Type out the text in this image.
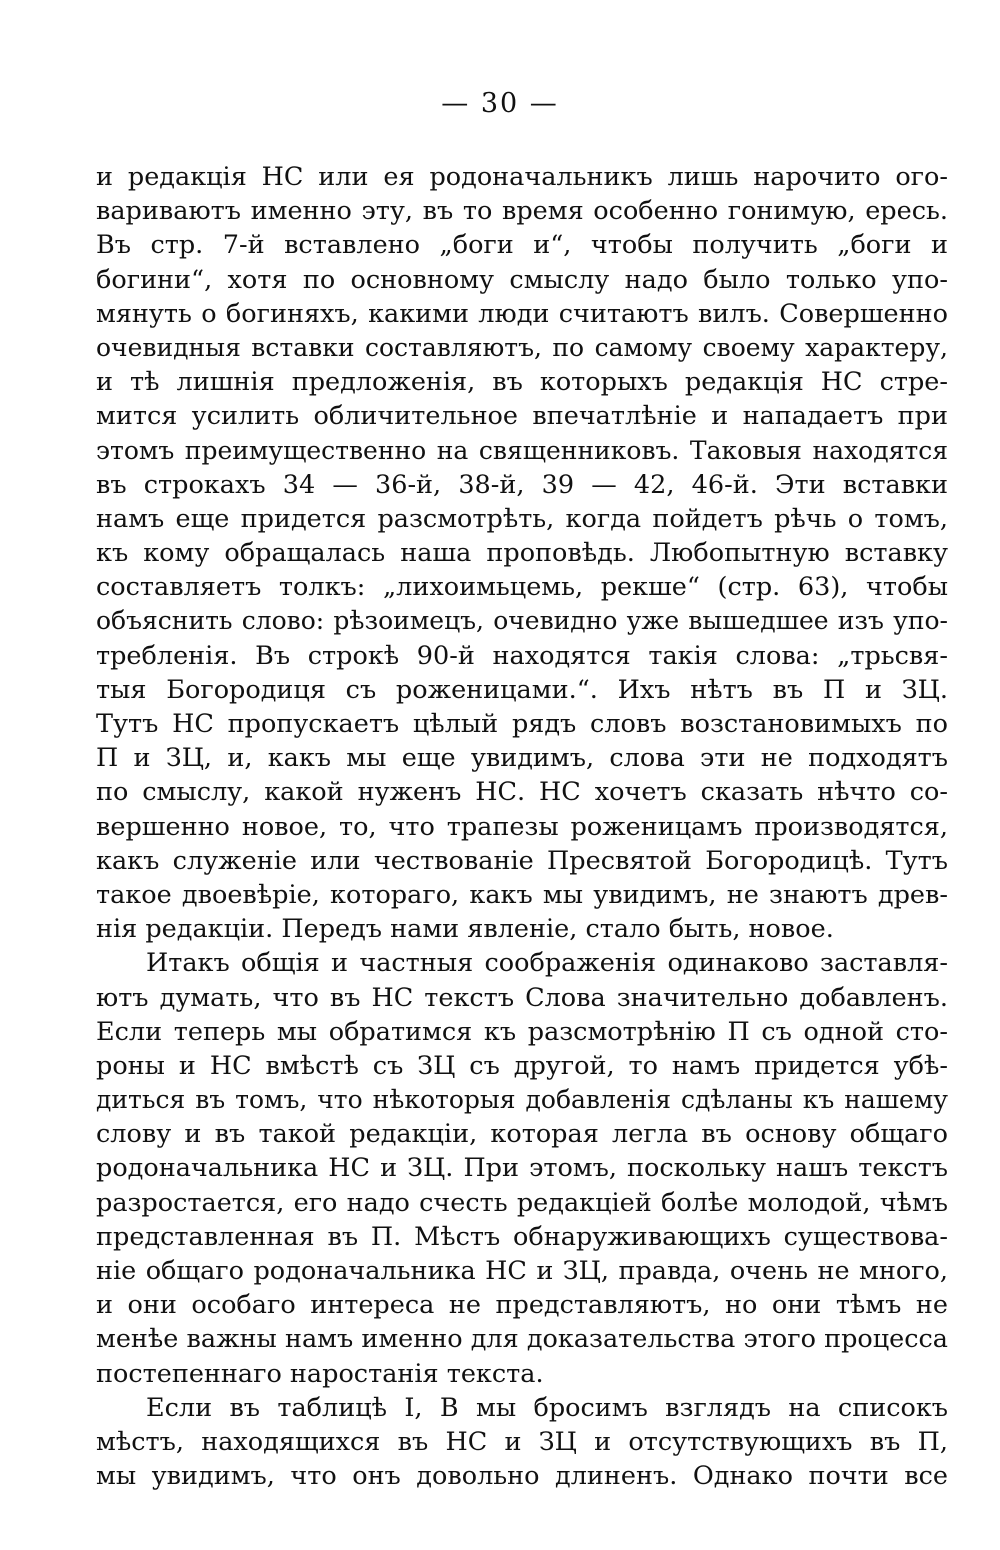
— 30 —
и редакція НС или ея родоначальникъ лишь нарочито ого-
вариваютъ именно эту, въ то время особенно гонимую, ересь.
Въ стр. 7-й вставлено „боги и“, чтобы получить „боги и
богини“, хотя по основному смыслу надо было только упо-
мянуть о богиняхъ, какими люди считаютъ вилъ. Совершенно
очевидныя вставки составляютъ, по самому своему характеру,
и тѣ лишнія предложенія, въ которыхъ редакція НС стре-
мится усилить обличительное впечатлѣніе и нападаетъ при
этомъ преимущественно на священниковъ. Таковыя находятся
въ строкахъ 34 — 36-й, 38-й, 39 — 42, 46-й. Эти вставки
намъ еще придется разсмотрѣть, когда пойдетъ рѣчь о томъ,
къ кому обращалась наша проповѣдь. Любопытную вставку
составляетъ толкъ: „лихоимьцемь, рекше“ (стр. 63), чтобы
объяснить слово: рѣзоимецъ, очевидно уже вышедшее изъ упо-
требленія. Въ строкѣ 90-й находятся такія слова: „трьсвя-
тыя Богородиця съ роженицами.“. Ихъ нѣтъ въ П и ЗЦ.
Тутъ НС пропускаетъ цѣлый рядъ словъ возстановимыхъ по
П и ЗЦ, и, какъ мы еще увидимъ, слова эти не подходятъ
по смыслу, какой нуженъ НС. НС хочетъ сказать нѣчто со-
вершенно новое, то, что трапезы роженицамъ производятся,
какъ служеніе или чествованіе Пресвятой Богородицѣ. Тутъ
такое двоевѣріе, котораго, какъ мы увидимъ, не знаютъ древ-
нія редакціи. Передъ нами явленіе, стало быть, новое.
Итакъ общія и частныя соображенія одинаково заставля-
ютъ думать, что въ НС текстъ Слова значительно добавленъ.
Если теперь мы обратимся къ разсмотрѣнію П съ одной сто-
роны и НС вмѣстѣ съ ЗЦ съ другой, то намъ придется убѣ-
диться въ томъ, что нѣкоторыя добавленія сдѣланы къ нашему
слову и въ такой редакціи, которая легла въ основу общаго
родоначальника НС и ЗЦ. При этомъ, поскольку нашъ текстъ
разростается, его надо счесть редакціей болѣе молодой, чѣмъ
представленная въ П. Мѣстъ обнаруживающихъ существова-
ніе общаго родоначальника НС и ЗЦ, правда, очень не много,
и они особаго интереса не представляютъ, но они тѣмъ не
менѣе важны намъ именно для доказательства этого процесса
постепеннаго наростанія текста.
Если въ таблицѣ I, В мы бросимъ взглядъ на списокъ
мѣстъ, находящихся въ НС и ЗЦ и отсутствующихъ въ П,
мы увидимъ, что онъ довольно длиненъ. Однако почти все
